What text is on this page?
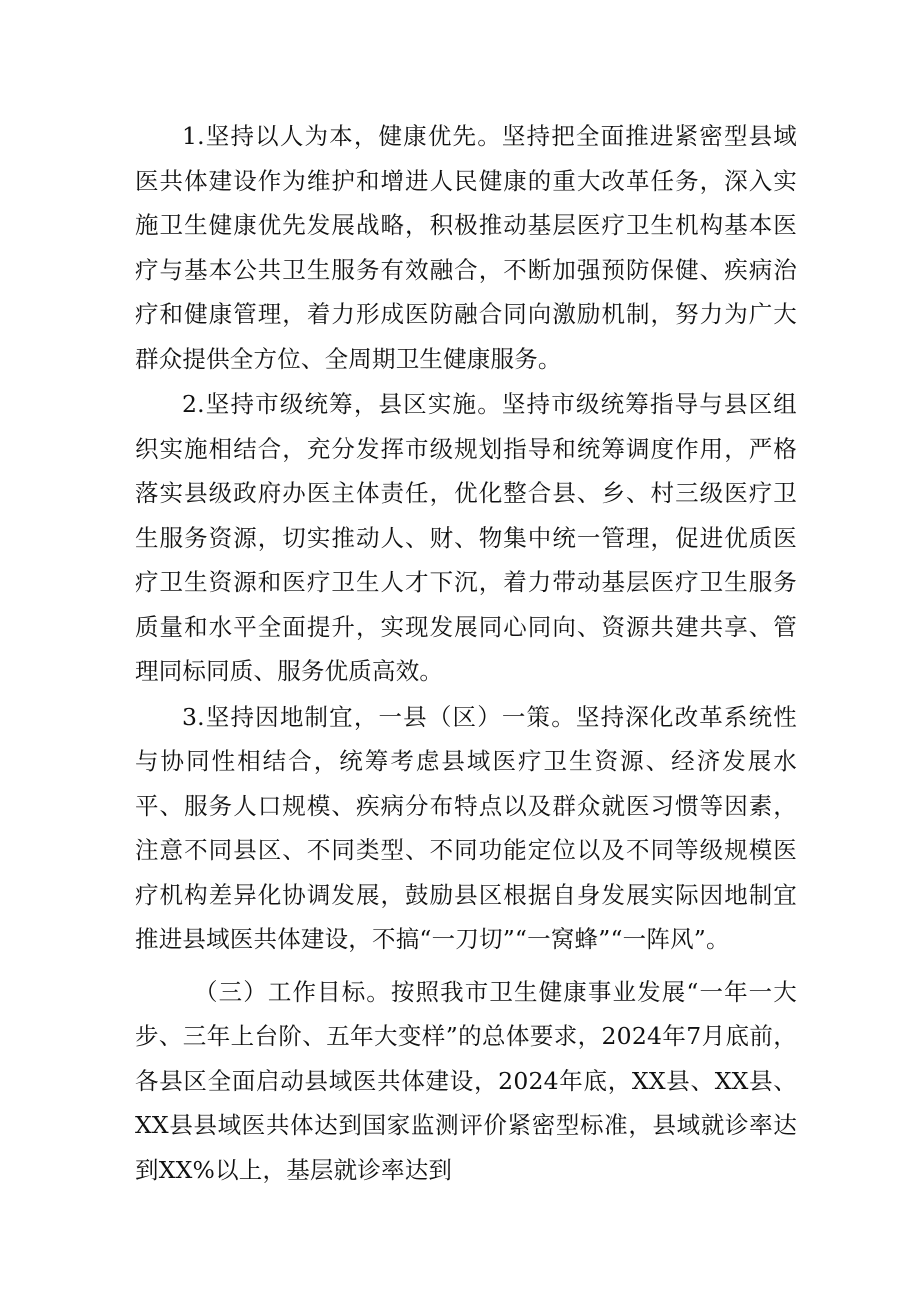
1.坚持以人为本，健康优先。坚持把全面推进紧密型县域医共体建设作为维护和增进人民健康的重大改革任务，深入实施卫生健康优先发展战略，积极推动基层医疗卫生机构基本医疗与基本公共卫生服务有效融合，不断加强预防保健、疾病治疗和健康管理，着力形成医防融合同向激励机制，努力为广大群众提供全方位、全周期卫生健康服务。

2.坚持市级统筹，县区实施。坚持市级统筹指导与县区组织实施相结合，充分发挥市级规划指导和统筹调度作用，严格落实县级政府办医主体责任，优化整合县、乡、村三级医疗卫生服务资源，切实推动人、财、物集中统一管理，促进优质医疗卫生资源和医疗卫生人才下沉，着力带动基层医疗卫生服务质量和水平全面提升，实现发展同心同向、资源共建共享、管理同标同质、服务优质高效。

3.坚持因地制宜，一县（区）一策。坚持深化改革系统性与协同性相结合，统筹考虑县域医疗卫生资源、经济发展水平、服务人口规模、疾病分布特点以及群众就医习惯等因素，注意不同县区、不同类型、不同功能定位以及不同等级规模医疗机构差异化协调发展，鼓励县区根据自身发展实际因地制宜推进县域医共体建设，不搞“一刀切”“一窝蜂”“一阵风”。

（三）工作目标。按照我市卫生健康事业发展“一年一大步、三年上台阶、五年大变样”的总体要求，2024年7月底前，各县区全面启动县域医共体建设，2024年底，XX县、XX县、XX县县域医共体达到国家监测评价紧密型标准，县域就诊率达到XX%以上，基层就诊率达到
